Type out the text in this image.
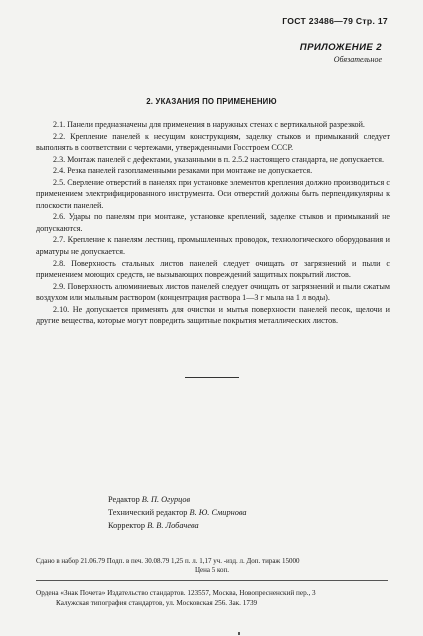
ГОСТ 23486—79 Стр. 17
ПРИЛОЖЕНИЕ 2
Обязательное
2. УКАЗАНИЯ ПО ПРИМЕНЕНИЮ

2.1. Панели предназначены для применения в наружных стенах с вертикальной разрезкой.

2.2. Крепление панелей к несущим конструкциям, заделку стыков и примыканий следует выполнять в соответствии с чертежами, утвержденными Госстроем СССР.

2.3. Монтаж панелей с дефектами, указанными в п. 2.5.2 настоящего стандарта, не допускается.

2.4. Резка панелей газопламенными резаками при монтаже не допускается.

2.5. Сверление отверстий в панелях при установке элементов крепления должно производиться с применением электрифицированного инструмента. Оси отверстий должны быть перпендикулярны к плоскости панелей.

2.6. Удары по панелям при монтаже, установке креплений, заделке стыков и примыканий не допускаются.

2.7. Крепление к панелям лестниц, промышленных проводок, технологического оборудования и арматуры не допускается.

2.8. Поверхность стальных листов панелей следует очищать от загрязнений и пыли с применением моющих средств, не вызывающих повреждений защитных покрытий листов.

2.9. Поверхность алюминиевых листов панелей следует очищать от загрязнений и пыли сжатым воздухом или мыльным раствором (концентрация раствора 1—3 г мыла на 1 л воды).

2.10. Не допускается применять для очистки и мытья поверхности панелей песок, щелочи и другие вещества, которые могут повредить защитные покрытия металлических листов.

Редактор В. П. Огурцов
Технический редактор В. Ю. Смирнова
Корректор В. В. Лобачева
Сдано в набор 21.06.79 Подп. в печ. 30.08.79 1,25 п. л. 1,17 уч. -изд. л. Доп. тираж 15000
Цена 5 коп.
Ордена «Знак Почета» Издательство стандартов. 123557, Москва, Новопресненский пер., 3
Калужская типография стандартов, ул. Московская 256. Зак. 1739
